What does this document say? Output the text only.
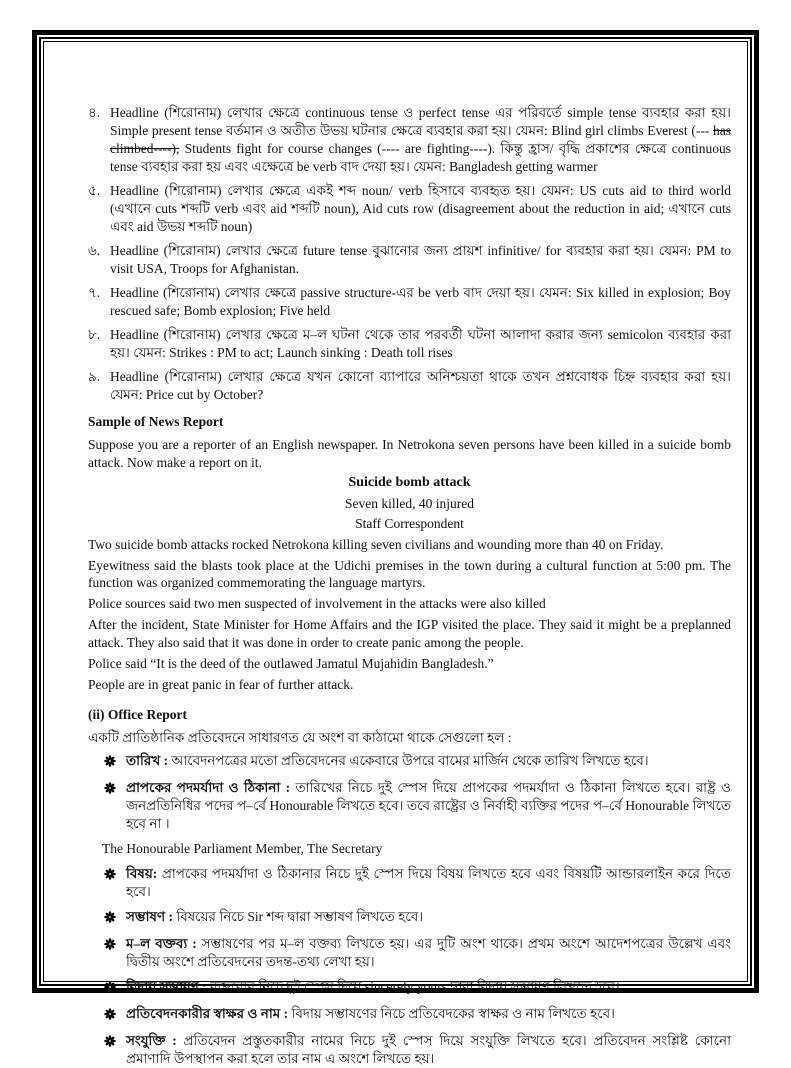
৪. Headline (শিরোনাম) লেখার ক্ষেত্রে continuous tense ও perfect tense এর পরিবর্তে simple tense ব্যবহার করা হয়। Simple present tense বর্তমান ও অতীত উভয় ঘটনার ক্ষেত্রে ব্যবহার করা হয়। যেমন: Blind girl climbs Everest (--- has climbed----), Students fight for course changes (---- are fighting----). কিন্তু হ্রাস/ বৃদ্ধি প্রকাশের ক্ষেত্রে continuous tense ব্যবহার করা হয় এবং এক্ষেত্রে be verb বাদ দেয়া হয়। যেমন: Bangladesh getting warmer
৫. Headline (শিরোনাম) লেখার ক্ষেত্রে একই শব্দ noun/ verb হিসাবে ব্যবহৃত হয়। যেমন: US cuts aid to third world (এখানে cuts শব্দটি verb এবং aid শব্দটি noun), Aid cuts row (disagreement about the reduction in aid; এখানে cuts এবং aid উভয় শব্দটি noun)
৬. Headline (শিরোনাম) লেখার ক্ষেত্রে future tense বুঝানোর জন্য প্রায়শ infinitive/ for ব্যবহার করা হয়। যেমন: PM to visit USA, Troops for Afghanistan.
৭. Headline (শিরোনাম) লেখার ক্ষেত্রে passive structure-এর be verb বাদ দেয়া হয়। যেমন: Six killed in explosion; Boy rescued safe; Bomb explosion; Five held
৮. Headline (শিরোনাম) লেখার ক্ষেত্রে ম–ল ঘটনা থেকে তার পরবর্তী ঘটনা আলাদা করার জন্য semicolon ব্যবহার করা হয়। যেমন: Strikes : PM to act; Launch sinking : Death toll rises
৯. Headline (শিরোনাম) লেখার ক্ষেত্রে যখন কোনো ব্যাপারে অনিশ্চয়তা থাকে তখন প্রশ্নবোধক চিহ্ন ব্যবহার করা হয়। যেমন: Price cut by October?
Sample of News Report
Suppose you are a reporter of an English newspaper. In Netrokona seven persons have been killed in a suicide bomb attack. Now make a report on it.
Suicide bomb attack
Seven killed, 40 injured
Staff Correspondent
Two suicide bomb attacks rocked Netrokona killing seven civilians and wounding more than 40 on Friday.
Eyewitness said the blasts took place at the Udichi premises in the town during a cultural function at 5:00 pm. The function was organized commemorating the language martyrs.
Police sources said two men suspected of involvement in the attacks were also killed
After the incident, State Minister for Home Affairs and the IGP visited the place. They said it might be a preplanned attack. They also said that it was done in order to create panic among the people.
Police said “It is the deed of the outlawed Jamatul Mujahidin Bangladesh.”
People are in great panic in fear of further attack.
(ii) Office Report
একটি প্রাতিষ্ঠানিক প্রতিবেদনে সাধারণত যে অংশ বা কাঠামো থাকে সেগুলো হল :
তারিখ : আবেদনপত্রের মতো প্রতিবেদনের একেবারে উপরে বামের মার্জিন থেকে তারিখ লিখতে হবে।
প্রাপকের পদমর্যাদা ও ঠিকানা : তারিখের নিচে দুই স্পেস দিয়ে প্রাপকের পদমর্যাদা ও ঠিকানা লিখতে হবে। রাষ্ট্র ও জনপ্রতিনিধির পদের প–র্বে Honourable লিখতে হবে। তবে রাষ্ট্রের ও নির্বাহী ব্যক্তির পদের প–র্বে Honourable লিখতে হবে না ।
The Honourable Parliament Member, The Secretary
বিষয়: প্রাপকের পদমর্যাদা ও ঠিকানার নিচে দুই স্পেস দিয়ে বিষয় লিখতে হবে এবং বিষয়টি আন্ডারলাইন করে দিতে হবে।
সম্ভাষণ : বিষয়ের নিচে Sir শব্দ দ্বারা সম্ভাষণ লিখতে হবে।
ম–ল বক্তব্য : সম্ভাষণের পর ম–ল বক্তব্য লিখতে হয়। এর দুটি অংশ থাকে। প্রথম অংশে আদেশপত্রের উল্লেখ এবং দ্বিতীয় অংশে প্রতিবেদনের তদন্ত-তথ্য লেখা হয়।
বিদায় সম্ভাষণ : বক্তব্যের নিচে দুই স্পেস দিয়ে sincerely yours দ্বারা বিদায় সম্ভাষণ লিখতে হবে।
প্রতিবেদনকারীর স্বাক্ষর ও নাম : বিদায় সম্ভাষণের নিচে প্রতিবেদকের স্বাক্ষর ও নাম লিখতে হবে।
সংযুক্তি : প্রতিবেদন প্রস্তুতকারীর নামের নিচে দুই স্পেস দিয়ে সংযুক্তি লিখতে হবে। প্রতিবেদন সংশ্লিষ্ট কোনো প্রমাণাদি উপস্থাপন করা হলে তার নাম এ অংশে লিখতে হয়।
